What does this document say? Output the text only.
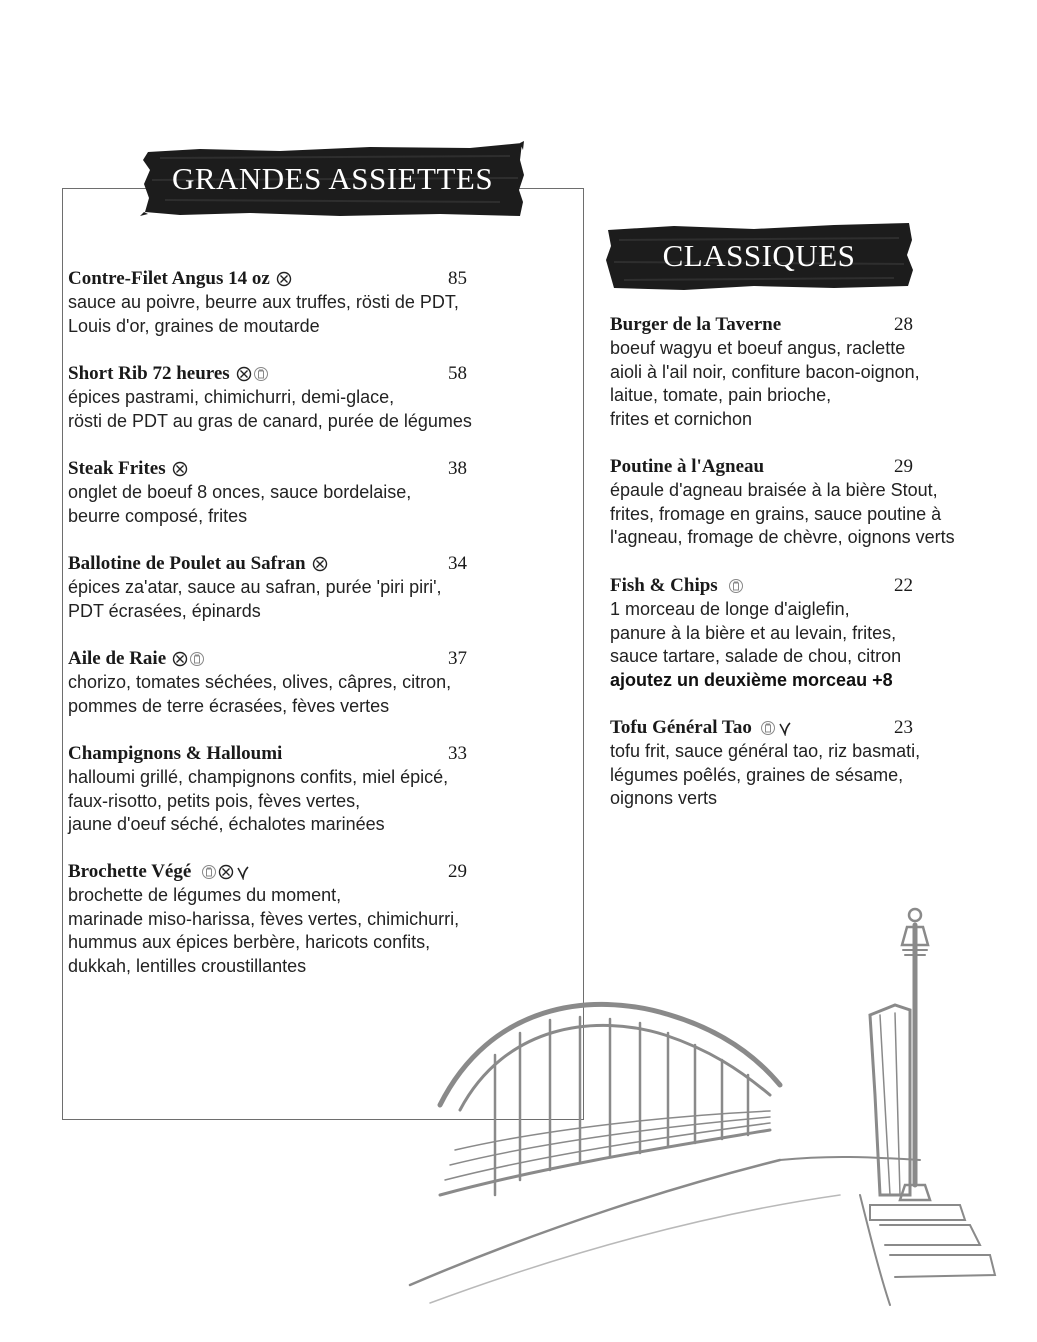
GRANDES ASSIETTES
CLASSIQUES
Contre-Filet Angus 14 oz	85
sauce au poivre, beurre aux truffes, rösti de PDT,
Louis d'or, graines de moutarde
Short Rib 72 heures	58
épices pastrami, chimichurri, demi-glace,
rösti de PDT au gras de canard, purée de légumes
Steak Frites	38
onglet de boeuf 8 onces, sauce bordelaise,
beurre composé, frites
Ballotine de Poulet au Safran	34
épices za'atar, sauce au safran, purée 'piri piri',
PDT écrasées, épinards
Aile de Raie	37
chorizo, tomates séchées, olives, câpres, citron,
pommes de terre écrasées, fèves vertes
Champignons & Halloumi	33
halloumi grillé, champignons confits, miel épicé,
faux-risotto, petits pois, fèves vertes,
jaune d'oeuf séché, échalotes marinées
Brochette Végé	29
brochette de légumes du moment,
marinade miso-harissa, fèves vertes, chimichurri,
hummus aux épices berbère, haricots confits,
dukkah, lentilles croustillantes
Burger de la Taverne	28
boeuf wagyu et boeuf angus, raclette
aioli à l'ail noir, confiture bacon-oignon,
laitue, tomate, pain brioche,
frites et cornichon
Poutine à l'Agneau	29
épaule d'agneau braisée à la bière Stout,
frites, fromage en grains, sauce poutine à
l'agneau, fromage de chèvre, oignons verts
Fish & Chips	22
1 morceau de longe d'aiglefin,
panure à la bière et au levain, frites,
sauce tartare, salade de chou, citron
ajoutez un deuxième morceau +8
Tofu Général Tao	23
tofu frit, sauce général tao, riz basmati,
légumes poêlés, graines de sésame,
oignons verts
